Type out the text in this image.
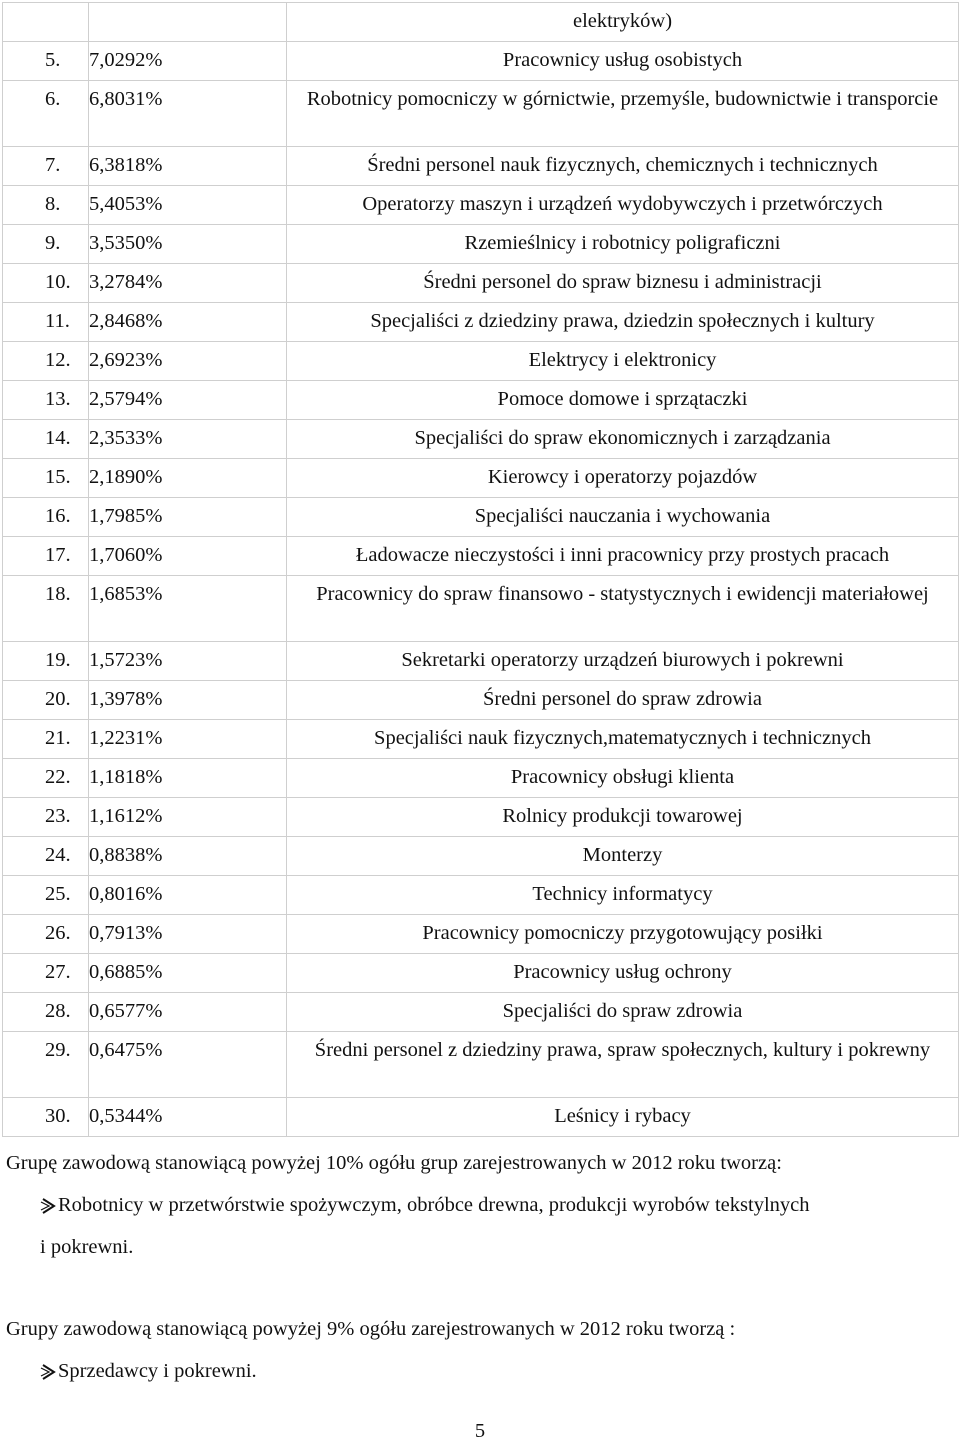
		elektryków)

5.	7,0292%	Pracownicy usług osobistych

6.	6,8031%	Robotnicy pomocniczy w górnictwie, przemyśle, budownictwie i transporcie

7.	6,3818%	Średni personel nauk fizycznych, chemicznych i technicznych

8.	5,4053%	Operatorzy maszyn i urządzeń wydobywczych i przetwórczych

9.	3,5350%	Rzemieślnicy i robotnicy poligraficzni

10.	3,2784%	Średni personel do spraw biznesu i administracji

11.	2,8468%	Specjaliści z dziedziny prawa, dziedzin społecznych i kultury

12.	2,6923%	Elektrycy i elektronicy

13.	2,5794%	Pomoce domowe i sprzątaczki

14.	2,3533%	Specjaliści do spraw ekonomicznych i zarządzania

15.	2,1890%	Kierowcy i operatorzy pojazdów

16.	1,7985%	Specjaliści nauczania i wychowania

17.	1,7060%	Ładowacze nieczystości i inni pracownicy przy prostych pracach

18.	1,6853%	Pracownicy do spraw finansowo - statystycznych i ewidencji materiałowej

19.	1,5723%	Sekretarki operatorzy urządzeń biurowych i pokrewni

20.	1,3978%	Średni personel do spraw zdrowia

21.	1,2231%	Specjaliści nauk fizycznych,matematycznych i technicznych

22.	1,1818%	Pracownicy obsługi klienta

23.	1,1612%	Rolnicy produkcji towarowej

24.	0,8838%	Monterzy

25.	0,8016%	Technicy informatycy

26.	0,7913%	Pracownicy pomocniczy przygotowujący posiłki

27.	0,6885%	Pracownicy usług ochrony

28.	0,6577%	Specjaliści do spraw zdrowia

29.	0,6475%	Średni personel z dziedziny prawa, spraw społecznych, kultury i pokrewny

30.	0,5344%	Leśnicy i rybacy
Grupę zawodową stanowiącą powyżej 10% ogółu grup zarejestrowanych w 2012 roku tworzą:
Robotnicy w przetwórstwie spożywczym, obróbce drewna, produkcji wyrobów tekstylnych
i pokrewni.
Grupy zawodową stanowiącą powyżej 9% ogółu zarejestrowanych w 2012 roku tworzą :
Sprzedawcy i pokrewni.
5
